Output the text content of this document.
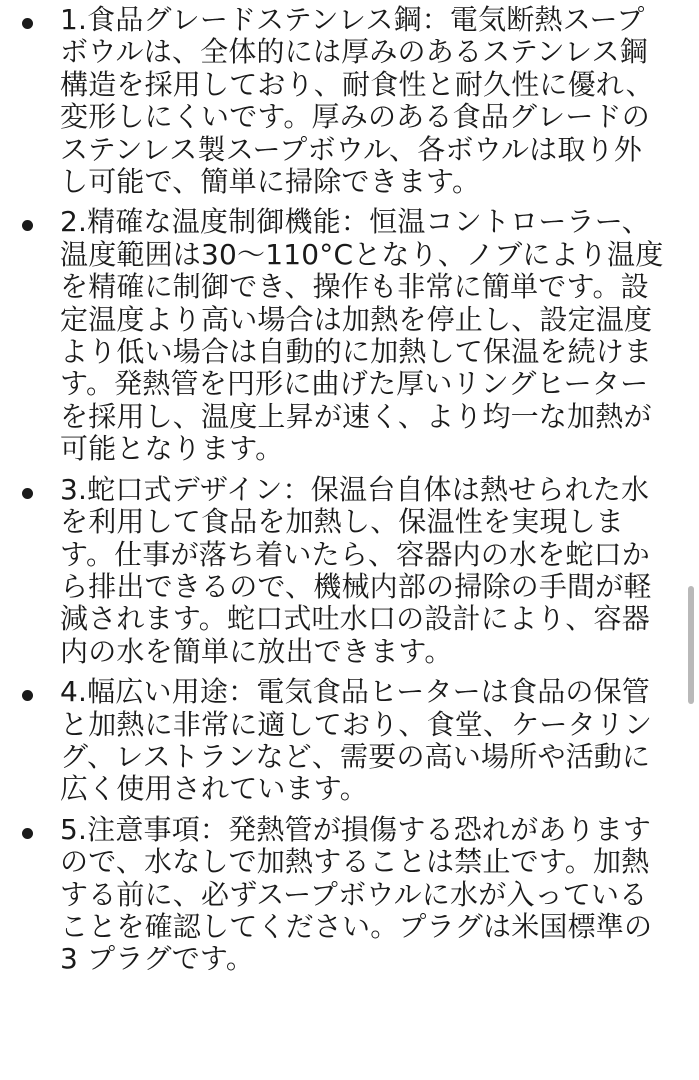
1.食品グレードステンレス鋼：電気断熱スープ
ボウルは、全体的には厚みのあるステンレス鋼
構造を採用しており、耐食性と耐久性に優れ、
変形しにくいです。厚みのある食品グレードの
ステンレス製スープボウル、各ボウルは取り外
し可能で、簡単に掃除できます。
2.精確な温度制御機能：恒温コントローラー、
温度範囲は30〜110°Cとなり、ノブにより温度
を精確に制御でき、操作も非常に簡単です。設
定温度より高い場合は加熱を停止し、設定温度
より低い場合は自動的に加熱して保温を続けま
す。発熱管を円形に曲げた厚いリングヒーター
を採用し、温度上昇が速く、より均一な加熱が
可能となります。
3.蛇口式デザイン：保温台自体は熱せられた水
を利用して食品を加熱し、保温性を実現しま
す。仕事が落ち着いたら、容器内の水を蛇口か
ら排出できるので、機械内部の掃除の手間が軽
減されます。蛇口式吐水口の設計により、容器
内の水を簡単に放出できます。
4.幅広い用途：電気食品ヒーターは食品の保管
と加熱に非常に適しており、食堂、ケータリン
グ、レストランなど、需要の高い場所や活動に
広く使用されています。
5.注意事項：発熱管が損傷する恐れがあります
ので、水なしで加熱することは禁止です。加熱
する前に、必ずスープボウルに水が入っている
ことを確認してください。プラグは米国標準の
3 プラグです。
